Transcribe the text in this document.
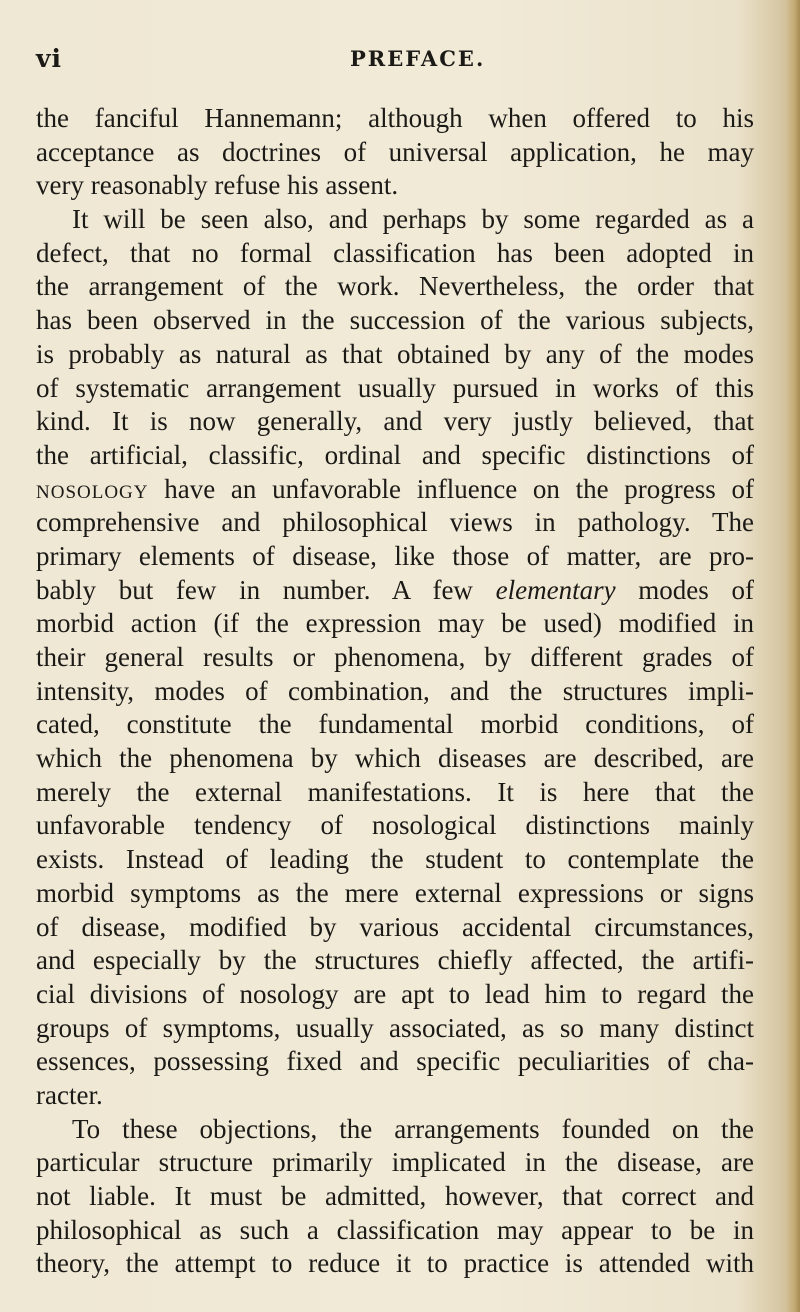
vi	PREFACE.
the fanciful Hannemann; although when offered to his
acceptance as doctrines of universal application, he may
very reasonably refuse his assent.
It will be seen also, and perhaps by some regarded as a
defect, that no formal classification has been adopted in
the arrangement of the work. Nevertheless, the order that
has been observed in the succession of the various subjects,
is probably as natural as that obtained by any of the modes
of systematic arrangement usually pursued in works of this
kind. It is now generally, and very justly believed, that
the artificial, classific, ordinal and specific distinctions of
nosology have an unfavorable influence on the progress of
comprehensive and philosophical views in pathology. The
primary elements of disease, like those of matter, are pro-
bably but few in number. A few elementary modes of
morbid action (if the expression may be used) modified in
their general results or phenomena, by different grades of
intensity, modes of combination, and the structures impli-
cated, constitute the fundamental morbid conditions, of
which the phenomena by which diseases are described, are
merely the external manifestations. It is here that the
unfavorable tendency of nosological distinctions mainly
exists. Instead of leading the student to contemplate the
morbid symptoms as the mere external expressions or signs
of disease, modified by various accidental circumstances,
and especially by the structures chiefly affected, the artifi-
cial divisions of nosology are apt to lead him to regard the
groups of symptoms, usually associated, as so many distinct
essences, possessing fixed and specific peculiarities of cha-
racter.
To these objections, the arrangements founded on the
particular structure primarily implicated in the disease, are
not liable. It must be admitted, however, that correct and
philosophical as such a classification may appear to be in
theory, the attempt to reduce it to practice is attended with
